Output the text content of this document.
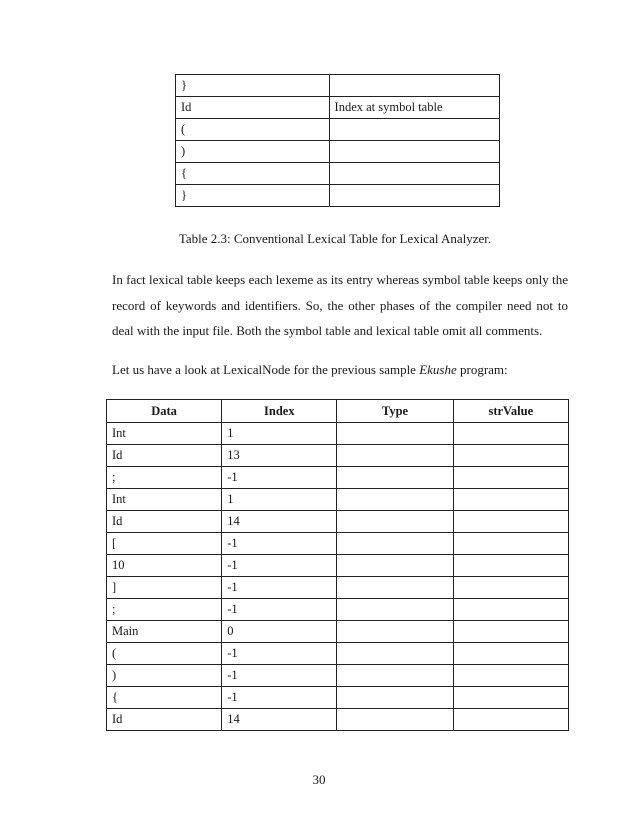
}	
Id	Index at symbol table
(	
)	
{	
}	
Table 2.3: Conventional Lexical Table for Lexical Analyzer.

In fact lexical table keeps each lexeme as its entry whereas symbol table keeps only the record of keywords and identifiers. So, the other phases of the compiler need not to deal with the input file. Both the symbol table and lexical table omit all comments.

Let us have a look at LexicalNode for the previous sample Ekushe program:

Data	Index	Type	strValue
Int	1		
Id	13		
;	-1		
Int	1		
Id	14		
[	-1		
10	-1		
]	-1		
;	-1		
Main	0		
(	-1		
)	-1		
{	-1		
Id	14		
30
